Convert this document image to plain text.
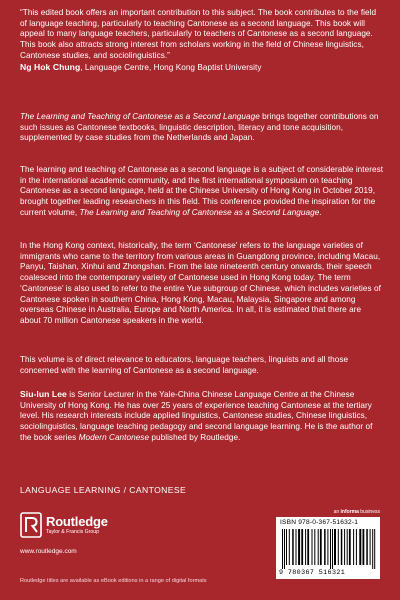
“This edited book offers an important contribution to this subject. The book contributes to the field of language teaching, particularly to teaching Cantonese as a second language. This book will appeal to many language teachers, particularly to teachers of Cantonese as a second language. This book also attracts strong interest from scholars working in the field of Chinese linguistics, Cantonese studies, and sociolinguistics.”

Ng Hok Chung, Language Centre, Hong Kong Baptist University

The Learning and Teaching of Cantonese as a Second Language brings together contributions on such issues as Cantonese textbooks, linguistic description, literacy and tone acquisition, supplemented by case studies from the Netherlands and Japan.

The learning and teaching of Cantonese as a second language is a subject of considerable interest in the international academic community, and the first international symposium on teaching Cantonese as a second language, held at the Chinese University of Hong Kong in October 2019, brought together leading researchers in this field. This conference provided the inspiration for the current volume, The Learning and Teaching of Cantonese as a Second Language.

In the Hong Kong context, historically, the term ‘Cantonese’ refers to the language varieties of immigrants who came to the territory from various areas in Guangdong province, including Macau, Panyu, Taishan, Xinhui and Zhongshan. From the late nineteenth century onwards, their speech coalesced into the contemporary variety of Cantonese used in Hong Kong today. The term ‘Cantonese’ is also used to refer to the entire Yue subgroup of Chinese, which includes varieties of Cantonese spoken in southern China, Hong Kong, Macau, Malaysia, Singapore and among overseas Chinese in Australia, Europe and North America. In all, it is estimated that there are about 70 million Cantonese speakers in the world.

This volume is of direct relevance to educators, language teachers, linguists and all those concerned with the learning of Cantonese as a second language.

Siu-lun Lee is Senior Lecturer in the Yale-China Chinese Language Centre at the Chinese University of Hong Kong. He has over 25 years of experience teaching Cantonese at the tertiary level. His research interests include applied linguistics, Cantonese studies, Chinese linguistics, sociolinguistics, language teaching pedagogy and second language learning. He is the author of the book series Modern Cantonese published by Routledge.

LANGUAGE LEARNING / CANTONESE
Routledge
Taylor & Francis Group
www.routledge.com
Routledge titles are available as eBook editions in a range of digital formats
an informa business
ISBN 978-0-367-51632-1
9 780367 516321
